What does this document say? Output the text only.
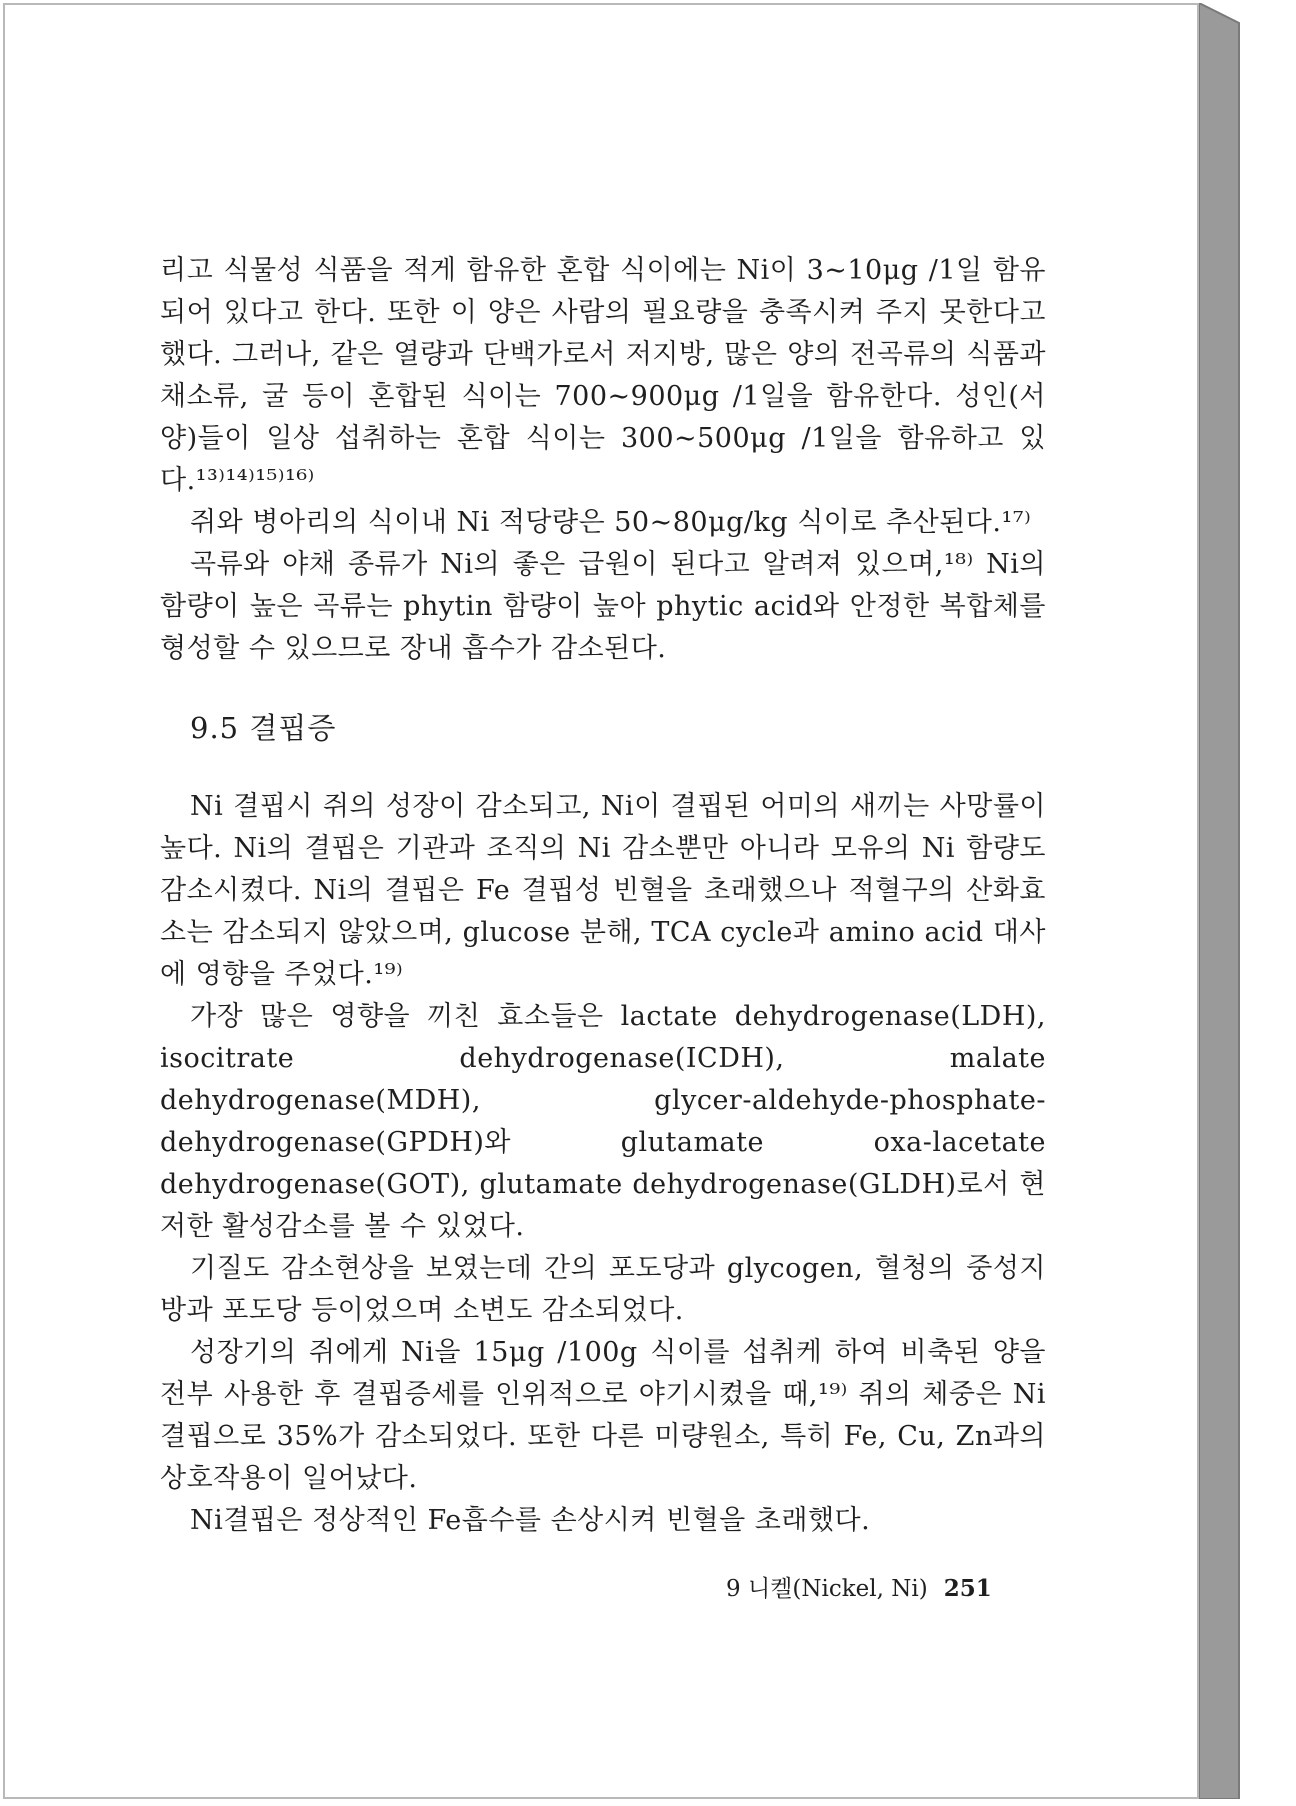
리고 식물성 식품을 적게 함유한 혼합 식이에는 Ni이 3∼10μg /1일 함유되어 있다고 한다. 또한 이 양은 사람의 필요량을 충족시켜 주지 못한다고 했다. 그러나, 같은 열량과 단백가로서 저지방, 많은 양의 전곡류의 식품과 채소류, 굴 등이 혼합된 식이는 700∼900μg /1일을 함유한다. 성인(서양)들이 일상 섭취하는 혼합 식이는 300∼500μg /1일을 함유하고 있다.¹³⁾¹⁴⁾¹⁵⁾¹⁶⁾

쥐와 병아리의 식이내 Ni 적당량은 50∼80μg/kg 식이로 추산된다.¹⁷⁾

곡류와 야채 종류가 Ni의 좋은 급원이 된다고 알려져 있으며,¹⁸⁾ Ni의 함량이 높은 곡류는 phytin 함량이 높아 phytic acid와 안정한 복합체를 형성할 수 있으므로 장내 흡수가 감소된다.

9.5 결핍증

Ni 결핍시 쥐의 성장이 감소되고, Ni이 결핍된 어미의 새끼는 사망률이 높다. Ni의 결핍은 기관과 조직의 Ni 감소뿐만 아니라 모유의 Ni 함량도 감소시켰다. Ni의 결핍은 Fe 결핍성 빈혈을 초래했으나 적혈구의 산화효소는 감소되지 않았으며, glucose 분해, TCA cycle과 amino acid 대사에 영향을 주었다.¹⁹⁾

가장 많은 영향을 끼친 효소들은 lactate dehydrogenase(LDH), isocitrate dehydrogenase(ICDH), malate dehydrogenase(MDH), glycer-aldehyde-phosphate-dehydrogenase(GPDH)와 glutamate oxa-lacetate dehydrogenase(GOT), glutamate dehydrogenase(GLDH)로서 현저한 활성감소를 볼 수 있었다.

기질도 감소현상을 보였는데 간의 포도당과 glycogen, 혈청의 중성지방과 포도당 등이었으며 소변도 감소되었다.

성장기의 쥐에게 Ni을 15μg /100g 식이를 섭취케 하여 비축된 양을 전부 사용한 후 결핍증세를 인위적으로 야기시켰을 때,¹⁹⁾ 쥐의 체중은 Ni결핍으로 35%가 감소되었다. 또한 다른 미량원소, 특히 Fe, Cu, Zn과의 상호작용이 일어났다.

Ni결핍은 정상적인 Fe흡수를 손상시켜 빈혈을 초래했다.

9 니켈(Nickel, Ni) 251
